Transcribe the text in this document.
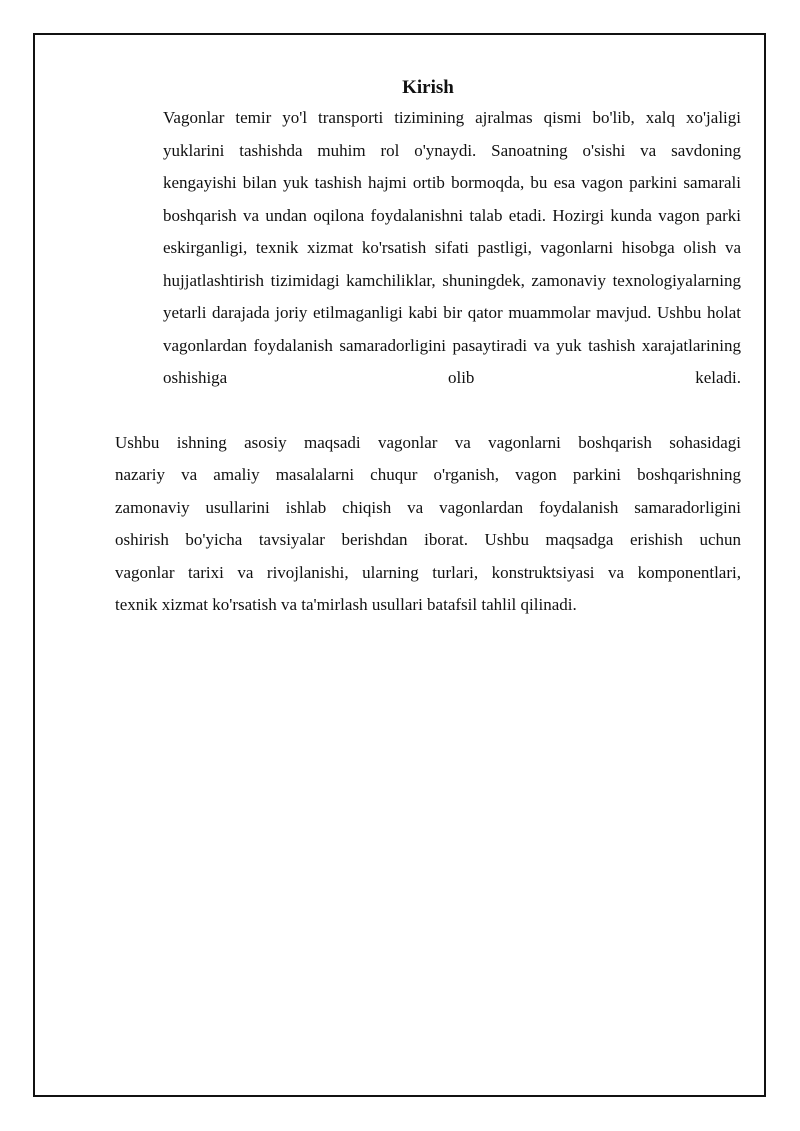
Kirish

Vagonlar temir yo'l transporti tizimining ajralmas qismi bo'lib, xalq xo'jaligi
yuklarini tashishda muhim rol o'ynaydi. Sanoatning o'sishi va savdoning
kengayishi bilan yuk tashish hajmi ortib bormoqda, bu esa vagon parkini samarali
boshqarish va undan oqilona foydalanishni talab etadi. Hozirgi kunda vagon parki
eskirganligi, texnik xizmat ko'rsatish sifati pastligi, vagonlarni hisobga olish va
hujjatlashtirish tizimidagi kamchiliklar, shuningdek, zamonaviy texnologiyalarning
yetarli darajada joriy etilmaganligi kabi bir qator muammolar mavjud. Ushbu holat
vagonlardan foydalanish samaradorligini pasaytiradi va yuk tashish xarajatlarining
oshishiga olib keladi.

Ushbu ishning asosiy maqsadi vagonlar va vagonlarni boshqarish sohasidagi
nazariy va amaliy masalalarni chuqur o'rganish, vagon parkini boshqarishning
zamonaviy usullarini ishlab chiqish va vagonlardan foydalanish samaradorligini
oshirish bo'yicha tavsiyalar berishdan iborat. Ushbu maqsadga erishish uchun
vagonlar tarixi va rivojlanishi, ularning turlari, konstruktsiyasi va komponentlari,
texnik xizmat ko'rsatish va ta'mirlash usullari batafsil tahlil qilinadi.
